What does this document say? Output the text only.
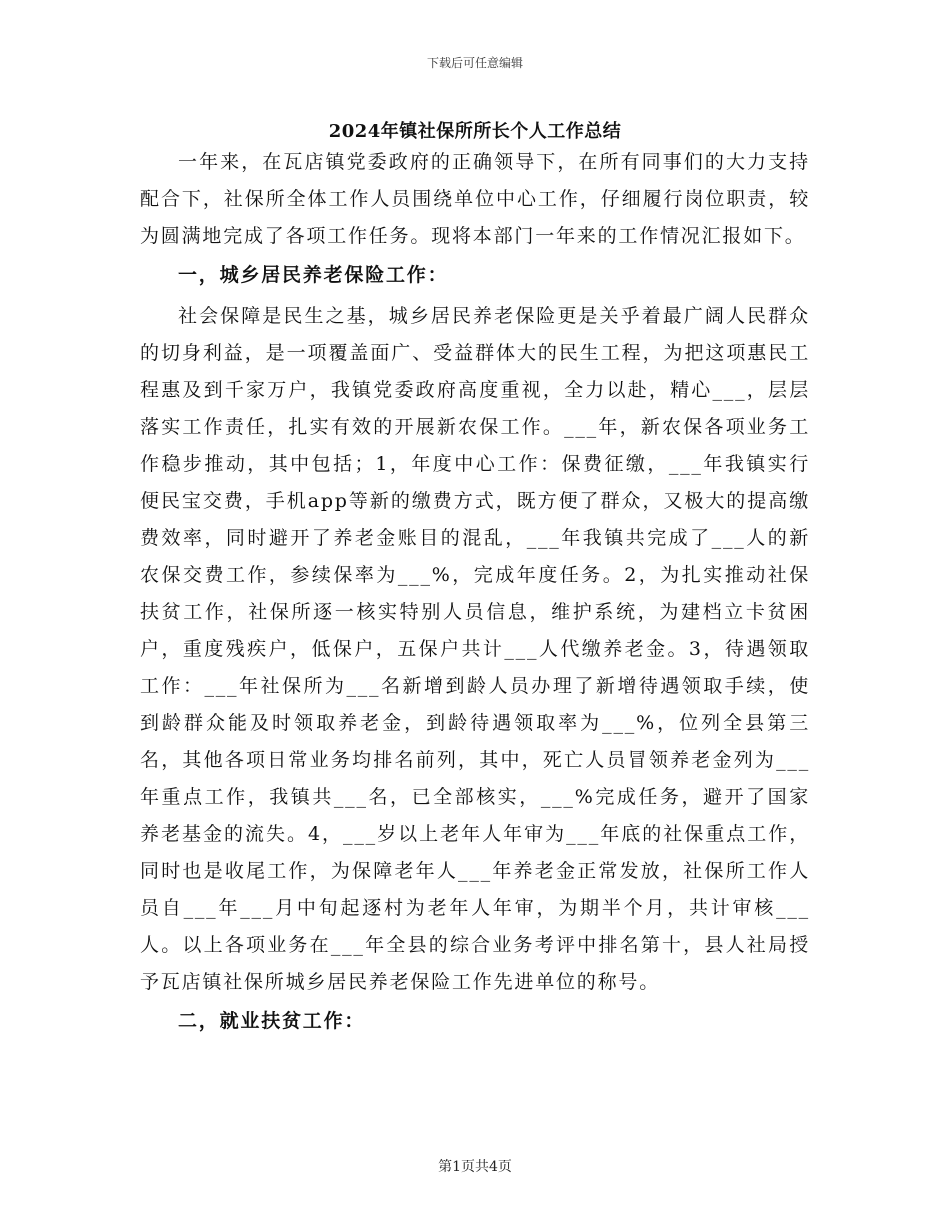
下载后可任意编辑
2024年镇社保所所长个人工作总结

一年来，在瓦店镇党委政府的正确领导下，在所有同事们的大力支持配合下，社保所全体工作人员围绕单位中心工作，仔细履行岗位职责，较为圆满地完成了各项工作任务。现将本部门一年来的工作情况汇报如下。

一，城乡居民养老保险工作：

社会保障是民生之基，城乡居民养老保险更是关乎着最广阔人民群众的切身利益，是一项覆盖面广、受益群体大的民生工程，为把这项惠民工程惠及到千家万户，我镇党委政府高度重视，全力以赴，精心___，层层落实工作责任，扎实有效的开展新农保工作。___年，新农保各项业务工作稳步推动，其中包括；1，年度中心工作：保费征缴，___年我镇实行便民宝交费，手机app等新的缴费方式，既方便了群众，又极大的提高缴费效率，同时避开了养老金账目的混乱，___年我镇共完成了___人的新农保交费工作，参续保率为___%，完成年度任务。2，为扎实推动社保扶贫工作，社保所逐一核实特别人员信息，维护系统，为建档立卡贫困户，重度残疾户，低保户，五保户共计___人代缴养老金。3，待遇领取工作：___年社保所为___名新增到龄人员办理了新增待遇领取手续，使到龄群众能及时领取养老金，到龄待遇领取率为___%，位列全县第三名，其他各项日常业务均排名前列，其中，死亡人员冒领养老金列为___年重点工作，我镇共___名，已全部核实，___%完成任务，避开了国家养老基金的流失。4，___岁以上老年人年审为___年底的社保重点工作，同时也是收尾工作，为保障老年人___年养老金正常发放，社保所工作人员自___年___月中旬起逐村为老年人年审，为期半个月，共计审核___人。以上各项业务在___年全县的综合业务考评中排名第十，县人社局授予瓦店镇社保所城乡居民养老保险工作先进单位的称号。

二，就业扶贫工作：

第1页共4页
